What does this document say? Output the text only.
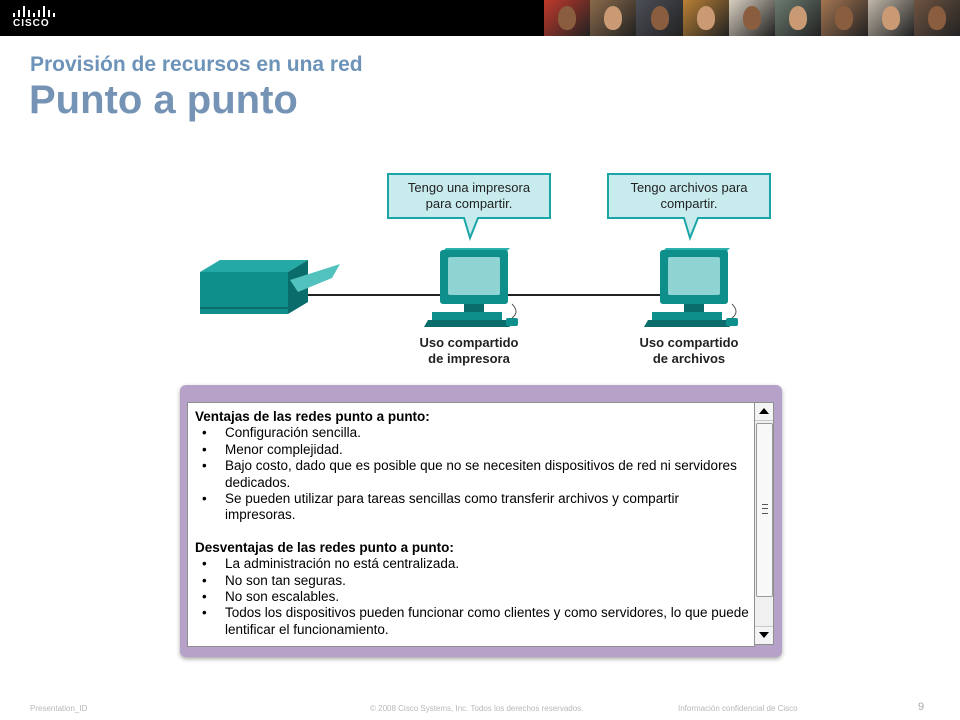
CISCO
Provisión de recursos en una red
Punto a punto
Tengo una impresora para compartir.
Tengo archivos para compartir.
Uso compartido de impresora
Uso compartido de archivos
Ventajas de las redes punto a punto:
• Configuración sencilla.
• Menor complejidad.
• Bajo costo, dado que es posible que no se necesiten dispositivos de red ni servidores dedicados.
• Se pueden utilizar para tareas sencillas como transferir archivos y compartir impresoras.
Desventajas de las redes punto a punto:
• La administración no está centralizada.
• No son tan seguras.
• No son escalables.
• Todos los dispositivos pueden funcionar como clientes y como servidores, lo que puede lentificar el funcionamiento.
Presentation_ID	© 2008 Cisco Systems, Inc. Todos los derechos reservados.	Información confidencial de Cisco	9
